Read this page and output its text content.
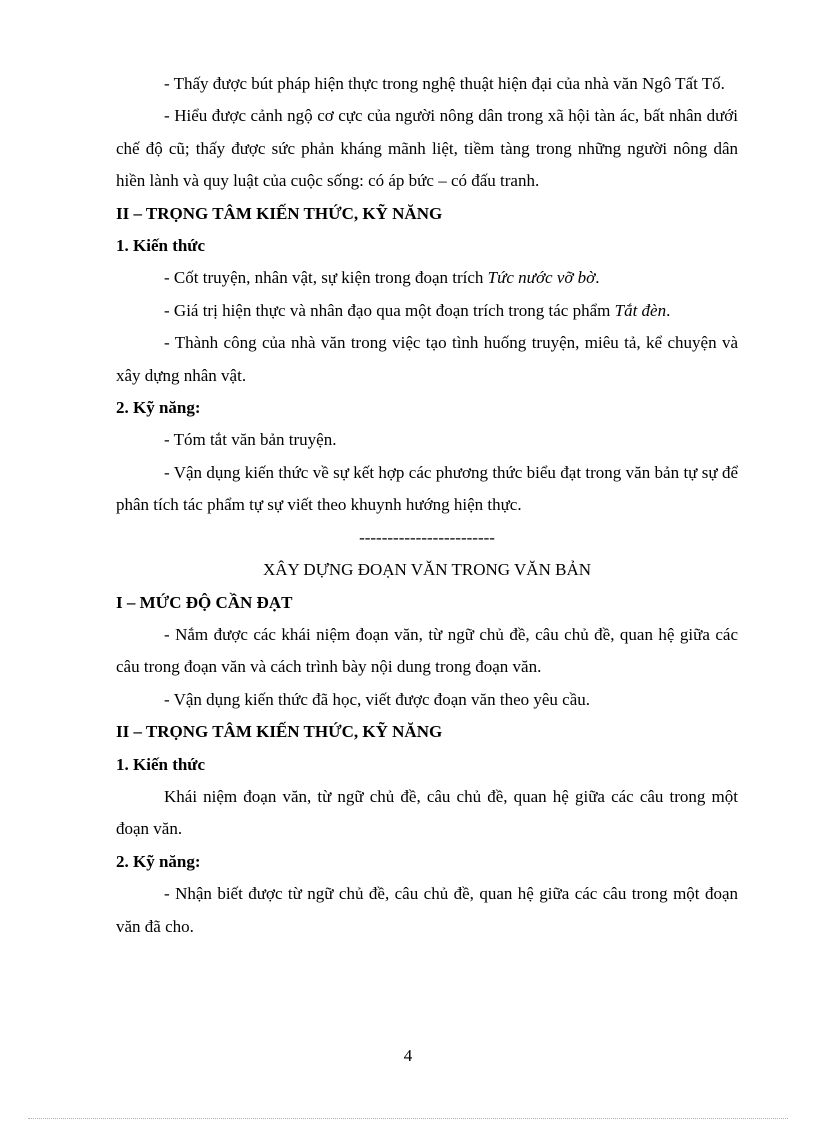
- Thấy được bút pháp hiện thực trong nghệ thuật hiện đại của nhà văn Ngô Tất Tố.

- Hiểu được cảnh ngộ cơ cực của người nông dân trong xã hội tàn ác, bất nhân dưới chế độ cũ; thấy được sức phản kháng mãnh liệt, tiềm tàng trong những người nông dân hiền lành và quy luật của cuộc sống: có áp bức – có đấu tranh.

II – TRỌNG TÂM KIẾN THỨC, KỸ NĂNG

1. Kiến thức

- Cốt truyện, nhân vật, sự kiện trong đoạn trích Tức nước vỡ bờ.

- Giá trị hiện thực và nhân đạo qua một đoạn trích trong tác phẩm Tắt đèn.

- Thành công của nhà văn trong việc tạo tình huống truyện, miêu tả, kể chuyện và xây dựng nhân vật.

2. Kỹ năng:

- Tóm tắt văn bản truyện.

- Vận dụng kiến thức về sự kết hợp các phương thức biểu đạt trong văn bản tự sự để phân tích tác phẩm tự sự viết theo khuynh hướng hiện thực.

------------------------

XÂY DỰNG ĐOẠN VĂN TRONG VĂN BẢN

I – MỨC ĐỘ CẦN ĐẠT

- Nắm được các khái niệm đoạn văn, từ ngữ chủ đề, câu chủ đề, quan hệ giữa các câu trong đoạn văn và cách trình bày nội dung trong đoạn văn.

- Vận dụng kiến thức đã học, viết được đoạn văn theo yêu cầu.

II – TRỌNG TÂM KIẾN THỨC, KỸ NĂNG

1. Kiến thức

Khái niệm đoạn văn, từ ngữ chủ đề, câu chủ đề, quan hệ giữa các câu trong một đoạn văn.

2. Kỹ năng:

- Nhận biết được từ ngữ chủ đề, câu chủ đề, quan hệ giữa các câu trong một đoạn văn đã cho.

4
